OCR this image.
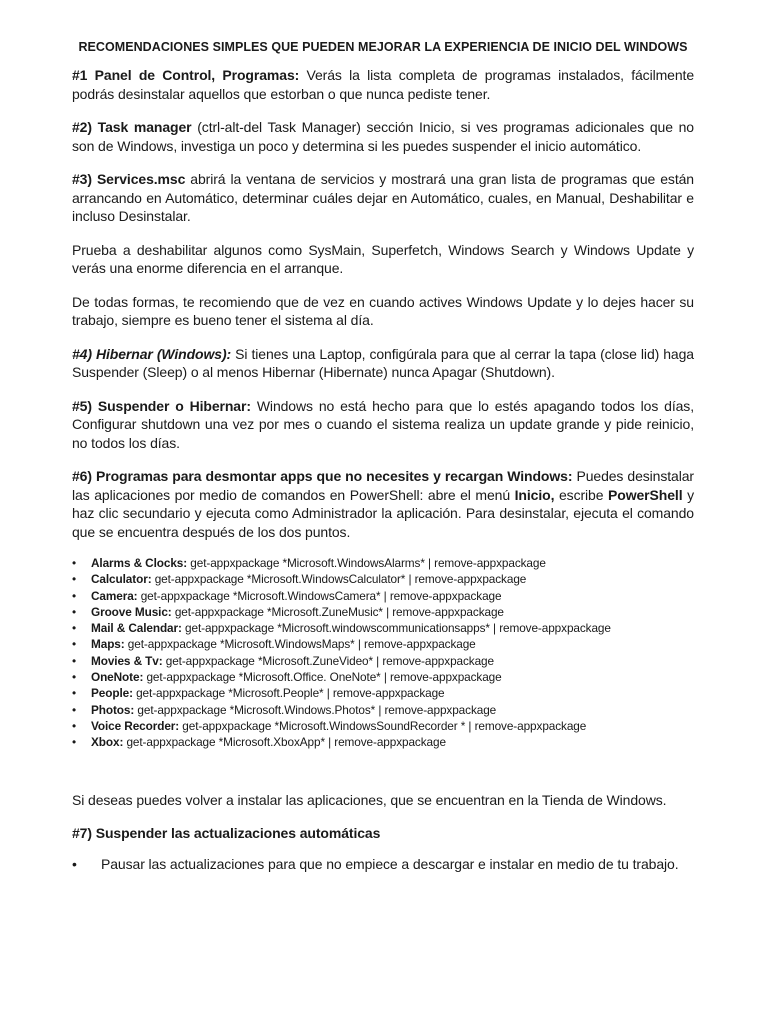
RECOMENDACIONES SIMPLES QUE PUEDEN MEJORAR LA EXPERIENCIA DE INICIO DEL WINDOWS

#1 Panel de Control, Programas: Verás la lista completa de programas instalados, fácilmente podrás desinstalar aquellos que estorban o que nunca pediste tener.

#2) Task manager (ctrl-alt-del Task Manager) sección Inicio, si ves programas adicionales que no son de Windows, investiga un poco y determina si les puedes suspender el inicio automático.

#3) Services.msc abrirá la ventana de servicios y mostrará una gran lista de programas que están arrancando en Automático, determinar cuáles dejar en Automático, cuales, en Manual, Deshabilitar e incluso Desinstalar.

Prueba a deshabilitar algunos como SysMain, Superfetch, Windows Search y Windows Update y verás una enorme diferencia en el arranque.

De todas formas, te recomiendo que de vez en cuando actives Windows Update y lo dejes hacer su trabajo, siempre es bueno tener el sistema al día.

#4) Hibernar (Windows): Si tienes una Laptop, configúrala para que al cerrar la tapa (close lid) haga Suspender (Sleep) o al menos Hibernar (Hibernate) nunca Apagar (Shutdown).

#5) Suspender o Hibernar: Windows no está hecho para que lo estés apagando todos los días, Configurar shutdown una vez por mes o cuando el sistema realiza un update grande y pide reinicio, no todos los días.

#6) Programas para desmontar apps que no necesites y recargan Windows: Puedes desinstalar las aplicaciones por medio de comandos en PowerShell: abre el menú Inicio, escribe PowerShell y haz clic secundario y ejecuta como Administrador la aplicación. Para desinstalar, ejecuta el comando que se encuentra después de los dos puntos.

• Alarms & Clocks: get-appxpackage *Microsoft.WindowsAlarms* | remove-appxpackage
• Calculator: get-appxpackage *Microsoft.WindowsCalculator* | remove-appxpackage
• Camera: get-appxpackage *Microsoft.WindowsCamera* | remove-appxpackage
• Groove Music: get-appxpackage *Microsoft.ZuneMusic* | remove-appxpackage
• Mail & Calendar: get-appxpackage *Microsoft.windowscommunicationsapps* | remove-appxpackage
• Maps: get-appxpackage *Microsoft.WindowsMaps* | remove-appxpackage
• Movies & Tv: get-appxpackage *Microsoft.ZuneVideo* | remove-appxpackage
• OneNote: get-appxpackage *Microsoft.Office. OneNote* | remove-appxpackage
• People: get-appxpackage *Microsoft.People* | remove-appxpackage
• Photos: get-appxpackage *Microsoft.Windows.Photos* | remove-appxpackage
• Voice Recorder: get-appxpackage *Microsoft.WindowsSoundRecorder * | remove-appxpackage
• Xbox: get-appxpackage *Microsoft.XboxApp* | remove-appxpackage

Si deseas puedes volver a instalar las aplicaciones, que se encuentran en la Tienda de Windows.

#7) Suspender las actualizaciones automáticas

• Pausar las actualizaciones para que no empiece a descargar e instalar en medio de tu trabajo.
